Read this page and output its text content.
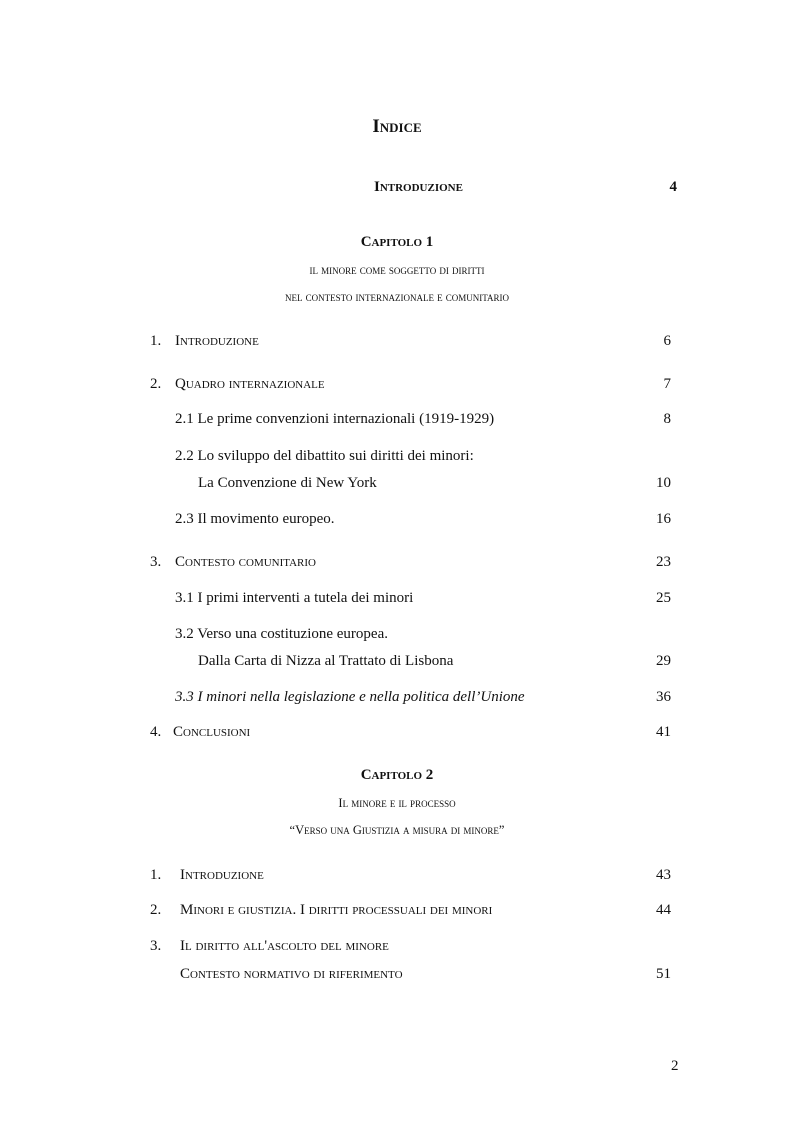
Indice
Introduzione	4
Capitolo 1
il minore come soggetto di diritti
nel contesto internazionale e comunitario
1. Introduzione	6
2. Quadro internazionale	7
2.1 Le prime convenzioni internazionali (1919-1929)	8
2.2 Lo sviluppo del dibattito sui diritti dei minori:
La Convenzione di New York	10
2.3 Il movimento europeo.	16
3. Contesto comunitario	23
3.1 I primi interventi a tutela dei minori	25
3.2 Verso una costituzione europea.
Dalla Carta di Nizza al Trattato di Lisbona	29
3.3 I minori nella legislazione e nella politica dell’Unione	36
4. Conclusioni	41
Capitolo 2
Il minore e il processo
“Verso una Giustizia a misura di minore”
1. Introduzione	43
2. Minori e giustizia. I diritti processuali dei minori	44
3. Il diritto all'ascolto del minore
Contesto normativo di riferimento	51
2
